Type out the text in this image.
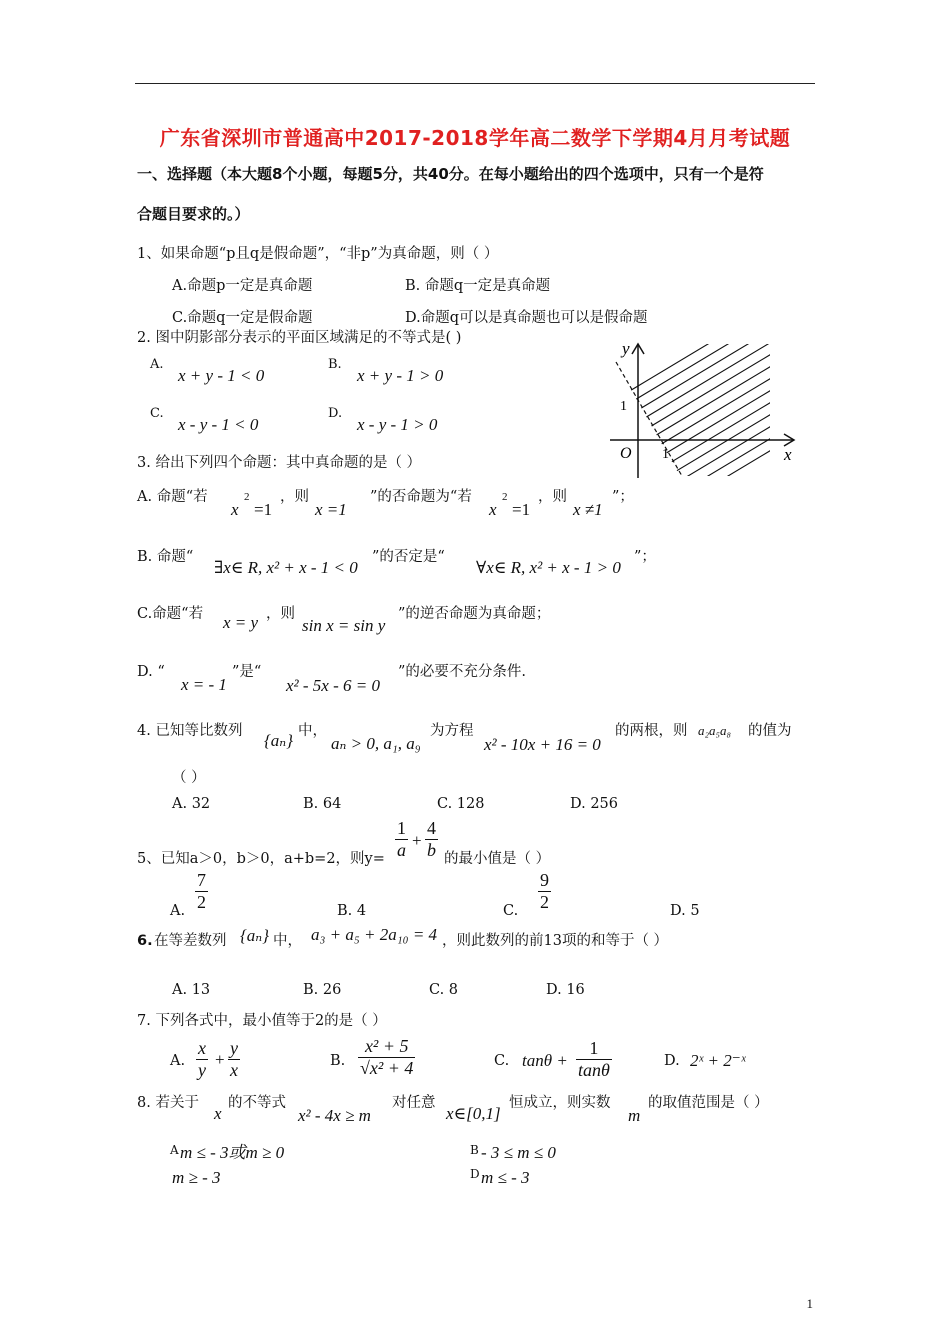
广东省深圳市普通高中2017-2018学年高二数学下学期4月月考试题
一、选择题（本大题8个小题，每题5分，共40分。在每小题给出的四个选项中，只有一个是符
合题目要求的。）
1、如果命题“p且q是假命题”，“非p”为真命题，则（ ）
A.命题p一定是真命题	B. 命题q一定是真命题
C.命题q一定是假命题	D.命题q可以是真命题也可以是假命题
2. 图中阴影部分表示的平面区域满足的不等式是( )
A.
x + y - 1 < 0
B.
x + y - 1 > 0
C.
x - y - 1 < 0
D.
x - y - 1 > 0
y
x
O
1
1
3. 给出下列四个命题：其中真命题的是（ ）
A. 命题“若
x
2
=1
，则
x =1
”的否命题为“若
x
2
=1
，则
x ≠1
”；
B. 命题“
∃x∈ R, x² + x - 1 < 0
”的否定是“
∀x∈ R, x² + x - 1 > 0
”；
C.命题“若 x = y ，则
sin x = sin y
”的逆否命题为真命题；
D. “
x = - 1
”是“
x² - 5x - 6 = 0
”的必要不充分条件.
4. 已知等比数列 {aₙ} 中，
aₙ > 0, a₁, a₉
为方程
x² - 10x + 16 = 0
的两根，则 a₂a₅a₈ 的值为
（ ）
A. 32	B. 64	C. 128	D. 256
5、已知a＞0，b＞0，a+b=2，则$y= \frac{1}{a} + \frac{4}{b}$ 的最小值是（ ）
A. $\frac{7}{2}$	B. 4	C. $\frac{9}{2}$	D. 5
6. 在等差数列 {aₙ} 中， a₃ + a₅ + 2a₁₀ = 4 ，则此数列的前13项的和等于（ ）
A. 13	B. 26	C. 8	D. 16
7. 下列各式中，最小值等于2的是（ ）
A. $\frac{x}{y} + \frac{y}{x}$	B. $\frac{\text{x² + 5}}{\text{√x² + 4}}$	C. $\tan\theta + \frac{1}{\tan\theta}$	D. 2ˣ + 2⁻ˣ
8. 若关于
x
的不等式
x² - 4x ≥ m
对任意
x∈[0,1]
恒成立，则实数
m
的取值范围是（ ）
A m ≤ - 3或m ≥ 0	B - 3 ≤ m ≤ 0
m ≥ - 3	D m ≤ - 3
1
